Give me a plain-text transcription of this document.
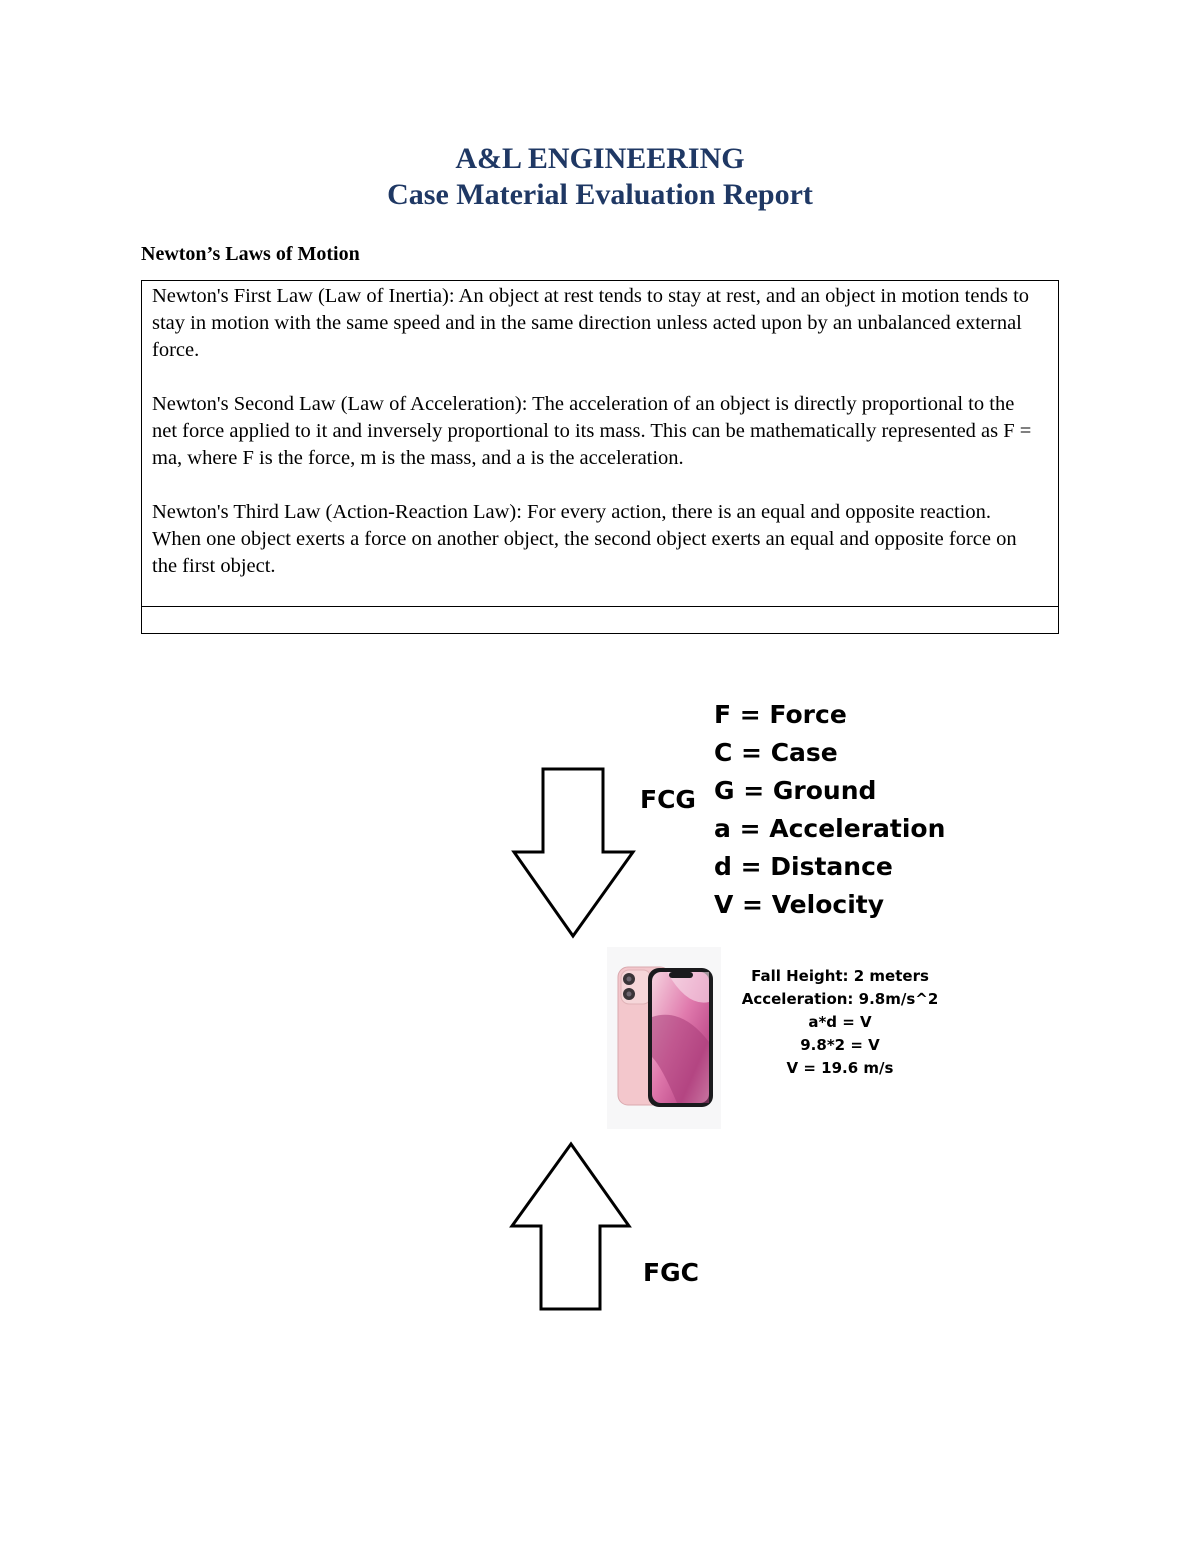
A&L ENGINEERING
Case Material Evaluation Report
Newton’s Laws of Motion

Newton's First Law (Law of Inertia): An object at rest tends to stay at rest, and an object in motion tends to stay in motion with the same speed and in the same direction unless acted upon by an unbalanced external force.

Newton's Second Law (Law of Acceleration): The acceleration of an object is directly proportional to the net force applied to it and inversely proportional to its mass. This can be mathematically represented as F = ma, where F is the force, m is the mass, and a is the acceleration.

Newton's Third Law (Action-Reaction Law): For every action, there is an equal and opposite reaction. When one object exerts a force on another object, the second object exerts an equal and opposite force on the first object.

FCG
FGC
F = Force
C = Case
G = Ground
a = Acceleration
d = Distance
V = Velocity
Fall Height: 2 meters
Acceleration: 9.8m/s^2
a*d = V
9.8*2 = V
V = 19.6 m/s
